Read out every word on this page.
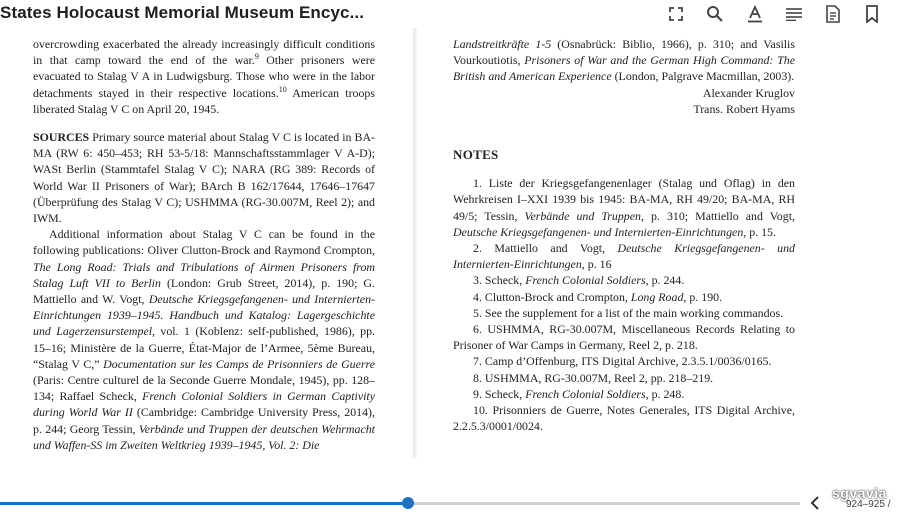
States Holocaust Memorial Museum Encyc...

overcrowding exacerbated the already increasingly difficult conditions in that camp toward the end of the war.$^9$ Other prisoners were evacuated to Stalag V A in Ludwigsburg. Those who were in the labor detachments stayed in their respective locations.$^{10}$ American troops liberated Stalag V C on April 20, 1945.

SOURCES Primary source material about Stalag V C is located in BA-MA (RW 6: 450–453; RH 53-5/18: Mannschaftsstammlager V A-D); WASt Berlin (Stammtafel Stalag V C); NARA (RG 389: Records of World War II Prisoners of War); BArch B 162/17644, 17646–17647 (Überprüfung des Stalag V C); USHMMA (RG-30.007M, Reel 2); and IWM.

Additional information about Stalag V C can be found in the following publications: Oliver Clutton-Brock and Raymond Crompton, The Long Road: Trials and Tribulations of Airmen Prisoners from Stalag Luft VII to Berlin (London: Grub Street, 2014), p. 190; G. Mattiello and W. Vogt, Deutsche Kriegsgefangenen- und Internierten-Einrichtungen 1939–1945. Handbuch und Katalog: Lagergeschichte und Lagerzensurstempel, vol. 1 (Koblenz: self-published, 1986), pp. 15–16; Ministère de la Guerre, État-Major de l’Armee, 5ème Bureau, “Stalag V C,” Documentation sur les Camps de Prisonniers de Guerre (Paris: Centre culturel de la Seconde Guerre Mondale, 1945), pp. 128–134; Raffael Scheck, French Colonial Soldiers in German Captivity during World War II (Cambridge: Cambridge University Press, 2014), p. 244; Georg Tessin, Verbände und Truppen der deutschen Wehrmacht und Waffen-SS im Zweiten Weltkrieg 1939–1945, Vol. 2: Die

Landstreitkräfte 1-5 (Osnabrück: Biblio, 1966), p. 310; and Vasilis Vourkoutiotis, Prisoners of War and the German High Command: The British and American Experience (London, Palgrave Macmillan, 2003).

Alexander Kruglov

Trans. Robert Hyams

NOTES

1. Liste der Kriegsgefangenenlager (Stalag und Oflag) in den Wehrkreisen I–XXI 1939 bis 1945: BA-MA, RH 49/20; BA-MA, RH 49/5; Tessin, Verbände und Truppen, p. 310; Mattiello and Vogt, Deutsche Kriegsgefangenen- und Internierten-Einrichtungen, p. 15.

2. Mattiello and Vogt, Deutsche Kriegsgefangenen- und Internierten-Einrichtungen, p. 16

3. Scheck, French Colonial Soldiers, p. 244.

4. Clutton-Brock and Crompton, Long Road, p. 190.

5. See the supplement for a list of the main working commandos.

6. USHMMA, RG-30.007M, Miscellaneous Records Relating to Prisoner of War Camps in Germany, Reel 2, p. 218.

7. Camp d’Offenburg, ITS Digital Archive, 2.3.5.1/0036/0165.

8. USHMMA, RG-30.007M, Reel 2, pp. 218–219.

9. Scheck, French Colonial Soldiers, p. 248.

10. Prisonniers de Guerre, Notes Generales, ITS Digital Archive, 2.2.5.3/0001/0024.

924–925 /
sgvavia
